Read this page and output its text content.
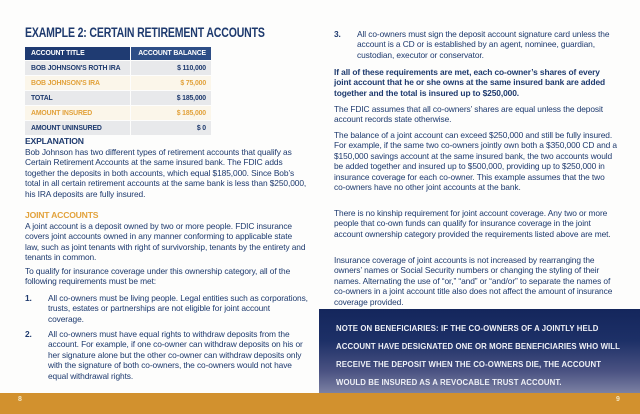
EXAMPLE 2: CERTAIN RETIREMENT ACCOUNTS
ACCOUNT TITLE	ACCOUNT BALANCE
BOB JOHNSON'S ROTH IRA	$ 110,000
BOB JOHNSON'S IRA	$ 75,000
TOTAL	$ 185,000
AMOUNT INSURED	$ 185,000
AMOUNT UNINSURED	$ 0
EXPLANATION
Bob Johnson has two different types of retirement accounts that qualify as Certain Retirement Accounts at the same insured bank. The FDIC adds together the deposits in both accounts, which equal $185,000. Since Bob’s total in all certain retirement accounts at the same bank is less than $250,000, his IRA deposits are fully insured.
JOINT ACCOUNTS
A joint account is a deposit owned by two or more people. FDIC insurance covers joint accounts owned in any manner conforming to applicable state law, such as joint tenants with right of survivorship, tenants by the entirety and tenants in common.
To qualify for insurance coverage under this ownership category, all of the following requirements must be met:
1. All co-owners must be living people. Legal entities such as corporations, trusts, estates or partnerships are not eligible for joint account coverage.
2. All co-owners must have equal rights to withdraw deposits from the account. For example, if one co-owner can withdraw deposits on his or her signature alone but the other co-owner can withdraw deposits only with the signature of both co-owners, the co-owners would not have equal withdrawal rights.
3. All co-owners must sign the deposit account signature card unless the account is a CD or is established by an agent, nominee, guardian, custodian, executor or conservator.
If all of these requirements are met, each co-owner’s shares of every joint account that he or she owns at the same insured bank are added together and the total is insured up to $250,000.
The FDIC assumes that all co-owners’ shares are equal unless the deposit account records state otherwise.
The balance of a joint account can exceed $250,000 and still be fully insured. For example, if the same two co-owners jointly own both a $350,000 CD and a $150,000 savings account at the same insured bank, the two accounts would be added together and insured up to $500,000, providing up to $250,000 in insurance coverage for each co-owner. This example assumes that the two co-owners have no other joint accounts at the bank.
There is no kinship requirement for joint account coverage. Any two or more people that co-own funds can qualify for insurance coverage in the joint account ownership category provided the requirements listed above are met.
Insurance coverage of joint accounts is not increased by rearranging the owners’ names or Social Security numbers or changing the styling of their names. Alternating the use of “or,” “and” or “and/or” to separate the names of co-owners in a joint account title also does not affect the amount of insurance coverage provided.
NOTE ON BENEFICIARIES: IF THE CO-OWNERS OF A JOINTLY HELD ACCOUNT HAVE DESIGNATED ONE OR MORE BENEFICIARIES WHO WILL RECEIVE THE DEPOSIT WHEN THE CO-OWNERS DIE, THE ACCOUNT WOULD BE INSURED AS A REVOCABLE TRUST ACCOUNT.
8	9
